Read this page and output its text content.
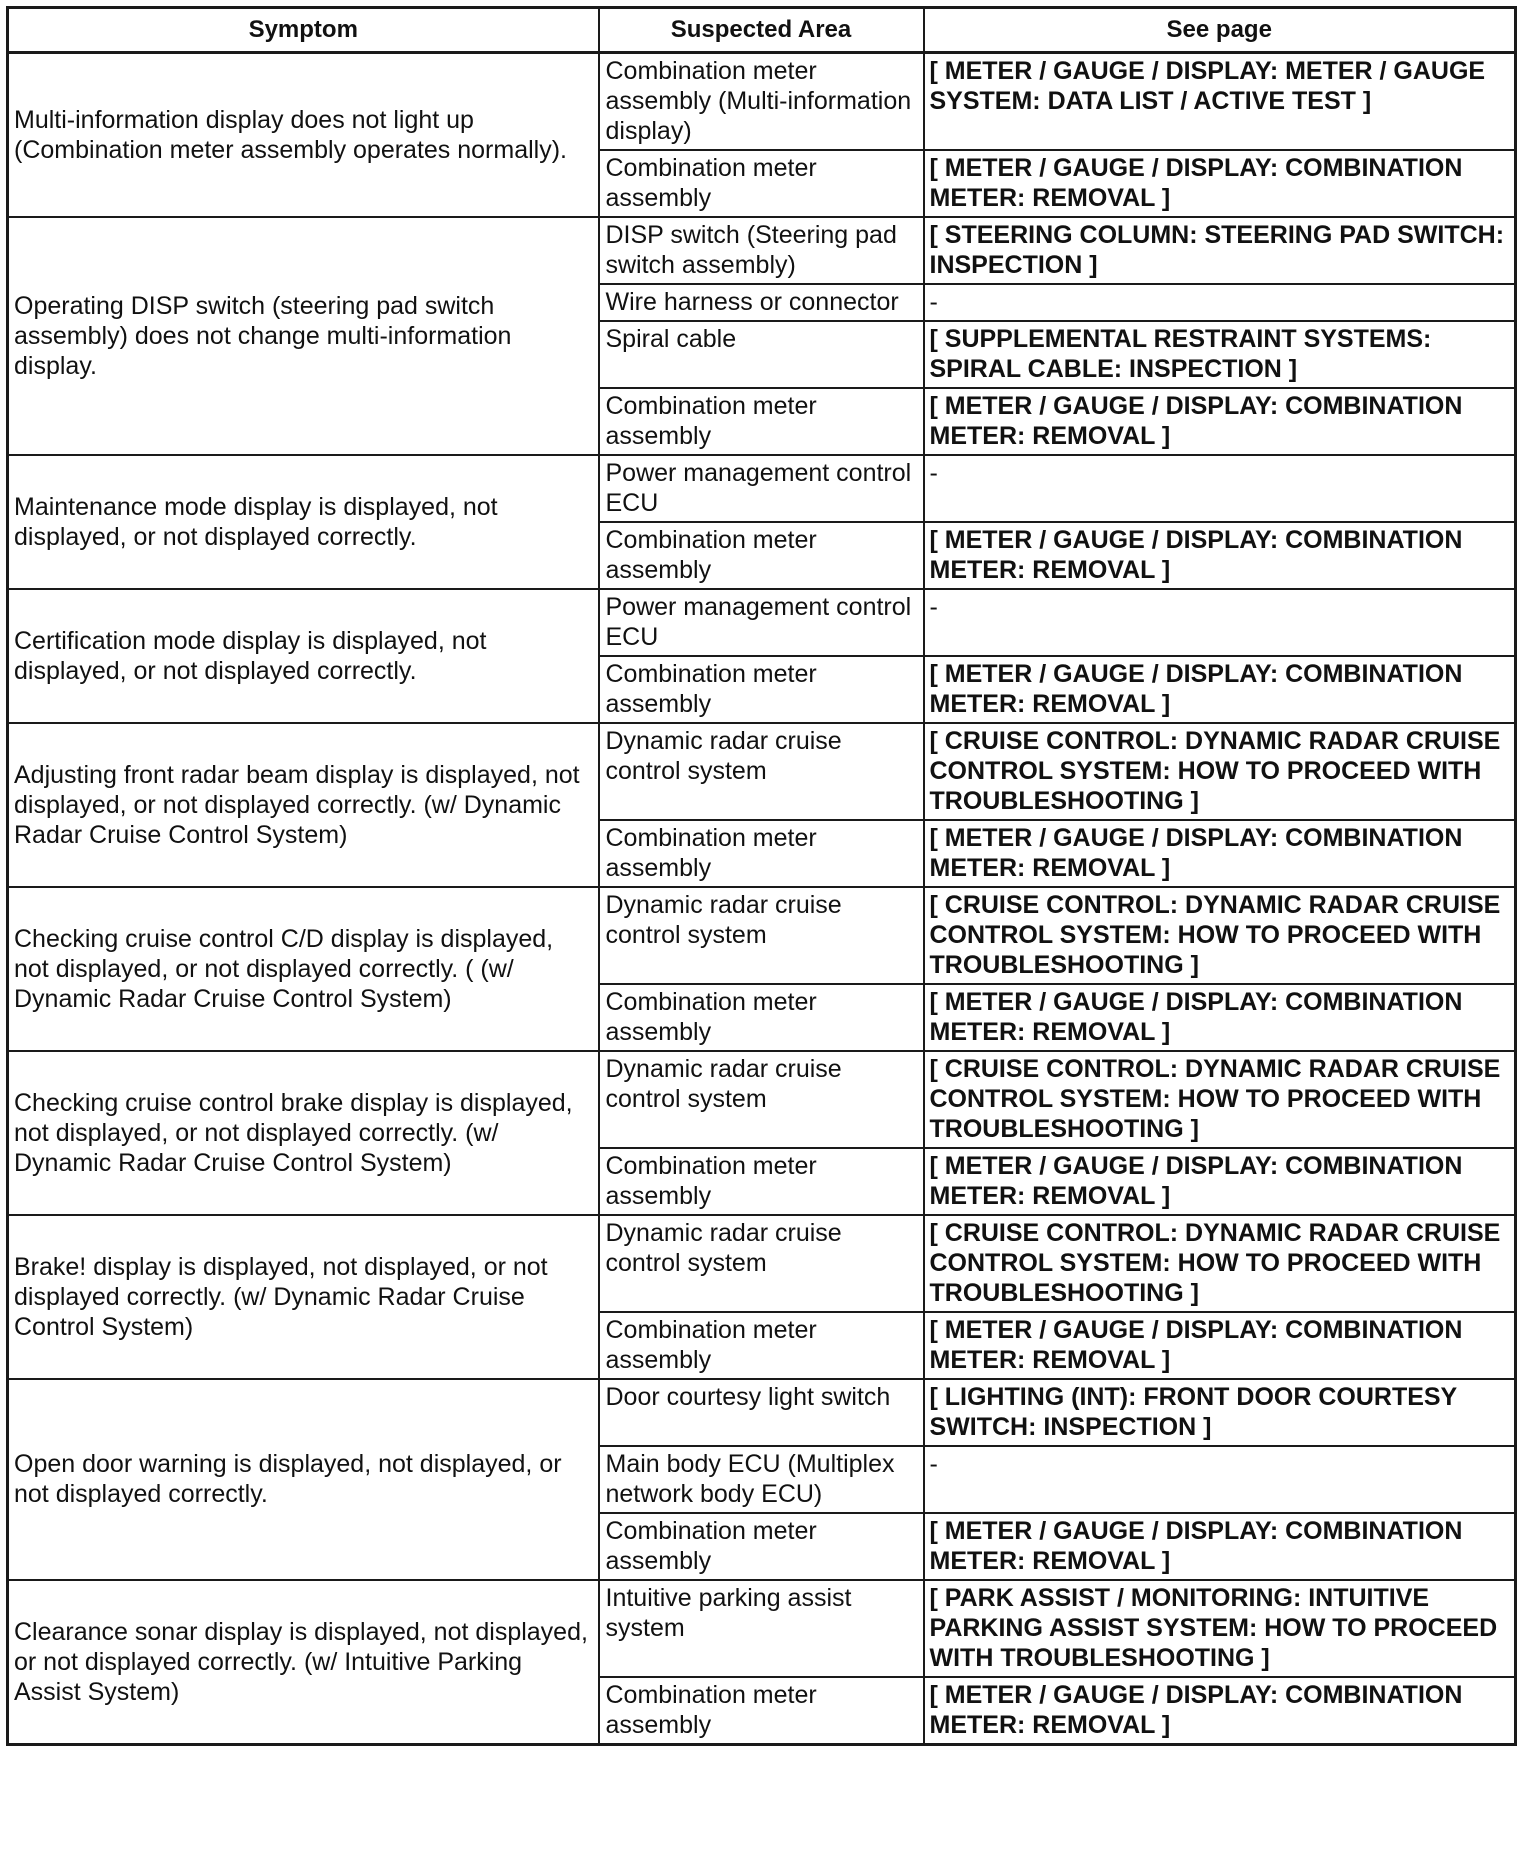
Symptom	Suspected Area	See page
Multi-information display does not light up (Combination meter assembly operates normally).	Combination meter assembly (Multi-information display)	[ METER / GAUGE / DISPLAY: METER / GAUGE SYSTEM: DATA LIST / ACTIVE TEST ]
	Combination meter assembly	[ METER / GAUGE / DISPLAY: COMBINATION METER: REMOVAL ]
Operating DISP switch (steering pad switch assembly) does not change multi-information display.	DISP switch (Steering pad switch assembly)	[ STEERING COLUMN: STEERING PAD SWITCH: INSPECTION ]
	Wire harness or connector	-
	Spiral cable	[ SUPPLEMENTAL RESTRAINT SYSTEMS: SPIRAL CABLE: INSPECTION ]
	Combination meter assembly	[ METER / GAUGE / DISPLAY: COMBINATION METER: REMOVAL ]
Maintenance mode display is displayed, not displayed, or not displayed correctly.	Power management control ECU	-
	Combination meter assembly	[ METER / GAUGE / DISPLAY: COMBINATION METER: REMOVAL ]
Certification mode display is displayed, not displayed, or not displayed correctly.	Power management control ECU	-
	Combination meter assembly	[ METER / GAUGE / DISPLAY: COMBINATION METER: REMOVAL ]
Adjusting front radar beam display is displayed, not displayed, or not displayed correctly. (w/ Dynamic Radar Cruise Control System)	Dynamic radar cruise control system	[ CRUISE CONTROL: DYNAMIC RADAR CRUISE CONTROL SYSTEM: HOW TO PROCEED WITH TROUBLESHOOTING ]
	Combination meter assembly	[ METER / GAUGE / DISPLAY: COMBINATION METER: REMOVAL ]
Checking cruise control C/D display is displayed, not displayed, or not displayed correctly. ( (w/ Dynamic Radar Cruise Control System)	Dynamic radar cruise control system	[ CRUISE CONTROL: DYNAMIC RADAR CRUISE CONTROL SYSTEM: HOW TO PROCEED WITH TROUBLESHOOTING ]
	Combination meter assembly	[ METER / GAUGE / DISPLAY: COMBINATION METER: REMOVAL ]
Checking cruise control brake display is displayed, not displayed, or not displayed correctly. (w/ Dynamic Radar Cruise Control System)	Dynamic radar cruise control system	[ CRUISE CONTROL: DYNAMIC RADAR CRUISE CONTROL SYSTEM: HOW TO PROCEED WITH TROUBLESHOOTING ]
	Combination meter assembly	[ METER / GAUGE / DISPLAY: COMBINATION METER: REMOVAL ]
Brake! display is displayed, not displayed, or not displayed correctly. (w/ Dynamic Radar Cruise Control System)	Dynamic radar cruise control system	[ CRUISE CONTROL: DYNAMIC RADAR CRUISE CONTROL SYSTEM: HOW TO PROCEED WITH TROUBLESHOOTING ]
	Combination meter assembly	[ METER / GAUGE / DISPLAY: COMBINATION METER: REMOVAL ]
Open door warning is displayed, not displayed, or not displayed correctly.	Door courtesy light switch	[ LIGHTING (INT): FRONT DOOR COURTESY SWITCH: INSPECTION ]
	Main body ECU (Multiplex network body ECU)	-
	Combination meter assembly	[ METER / GAUGE / DISPLAY: COMBINATION METER: REMOVAL ]
Clearance sonar display is displayed, not displayed, or not displayed correctly. (w/ Intuitive Parking Assist System)	Intuitive parking assist system	[ PARK ASSIST / MONITORING: INTUITIVE PARKING ASSIST SYSTEM: HOW TO PROCEED WITH TROUBLESHOOTING ]
	Combination meter assembly	[ METER / GAUGE / DISPLAY: COMBINATION METER: REMOVAL ]
